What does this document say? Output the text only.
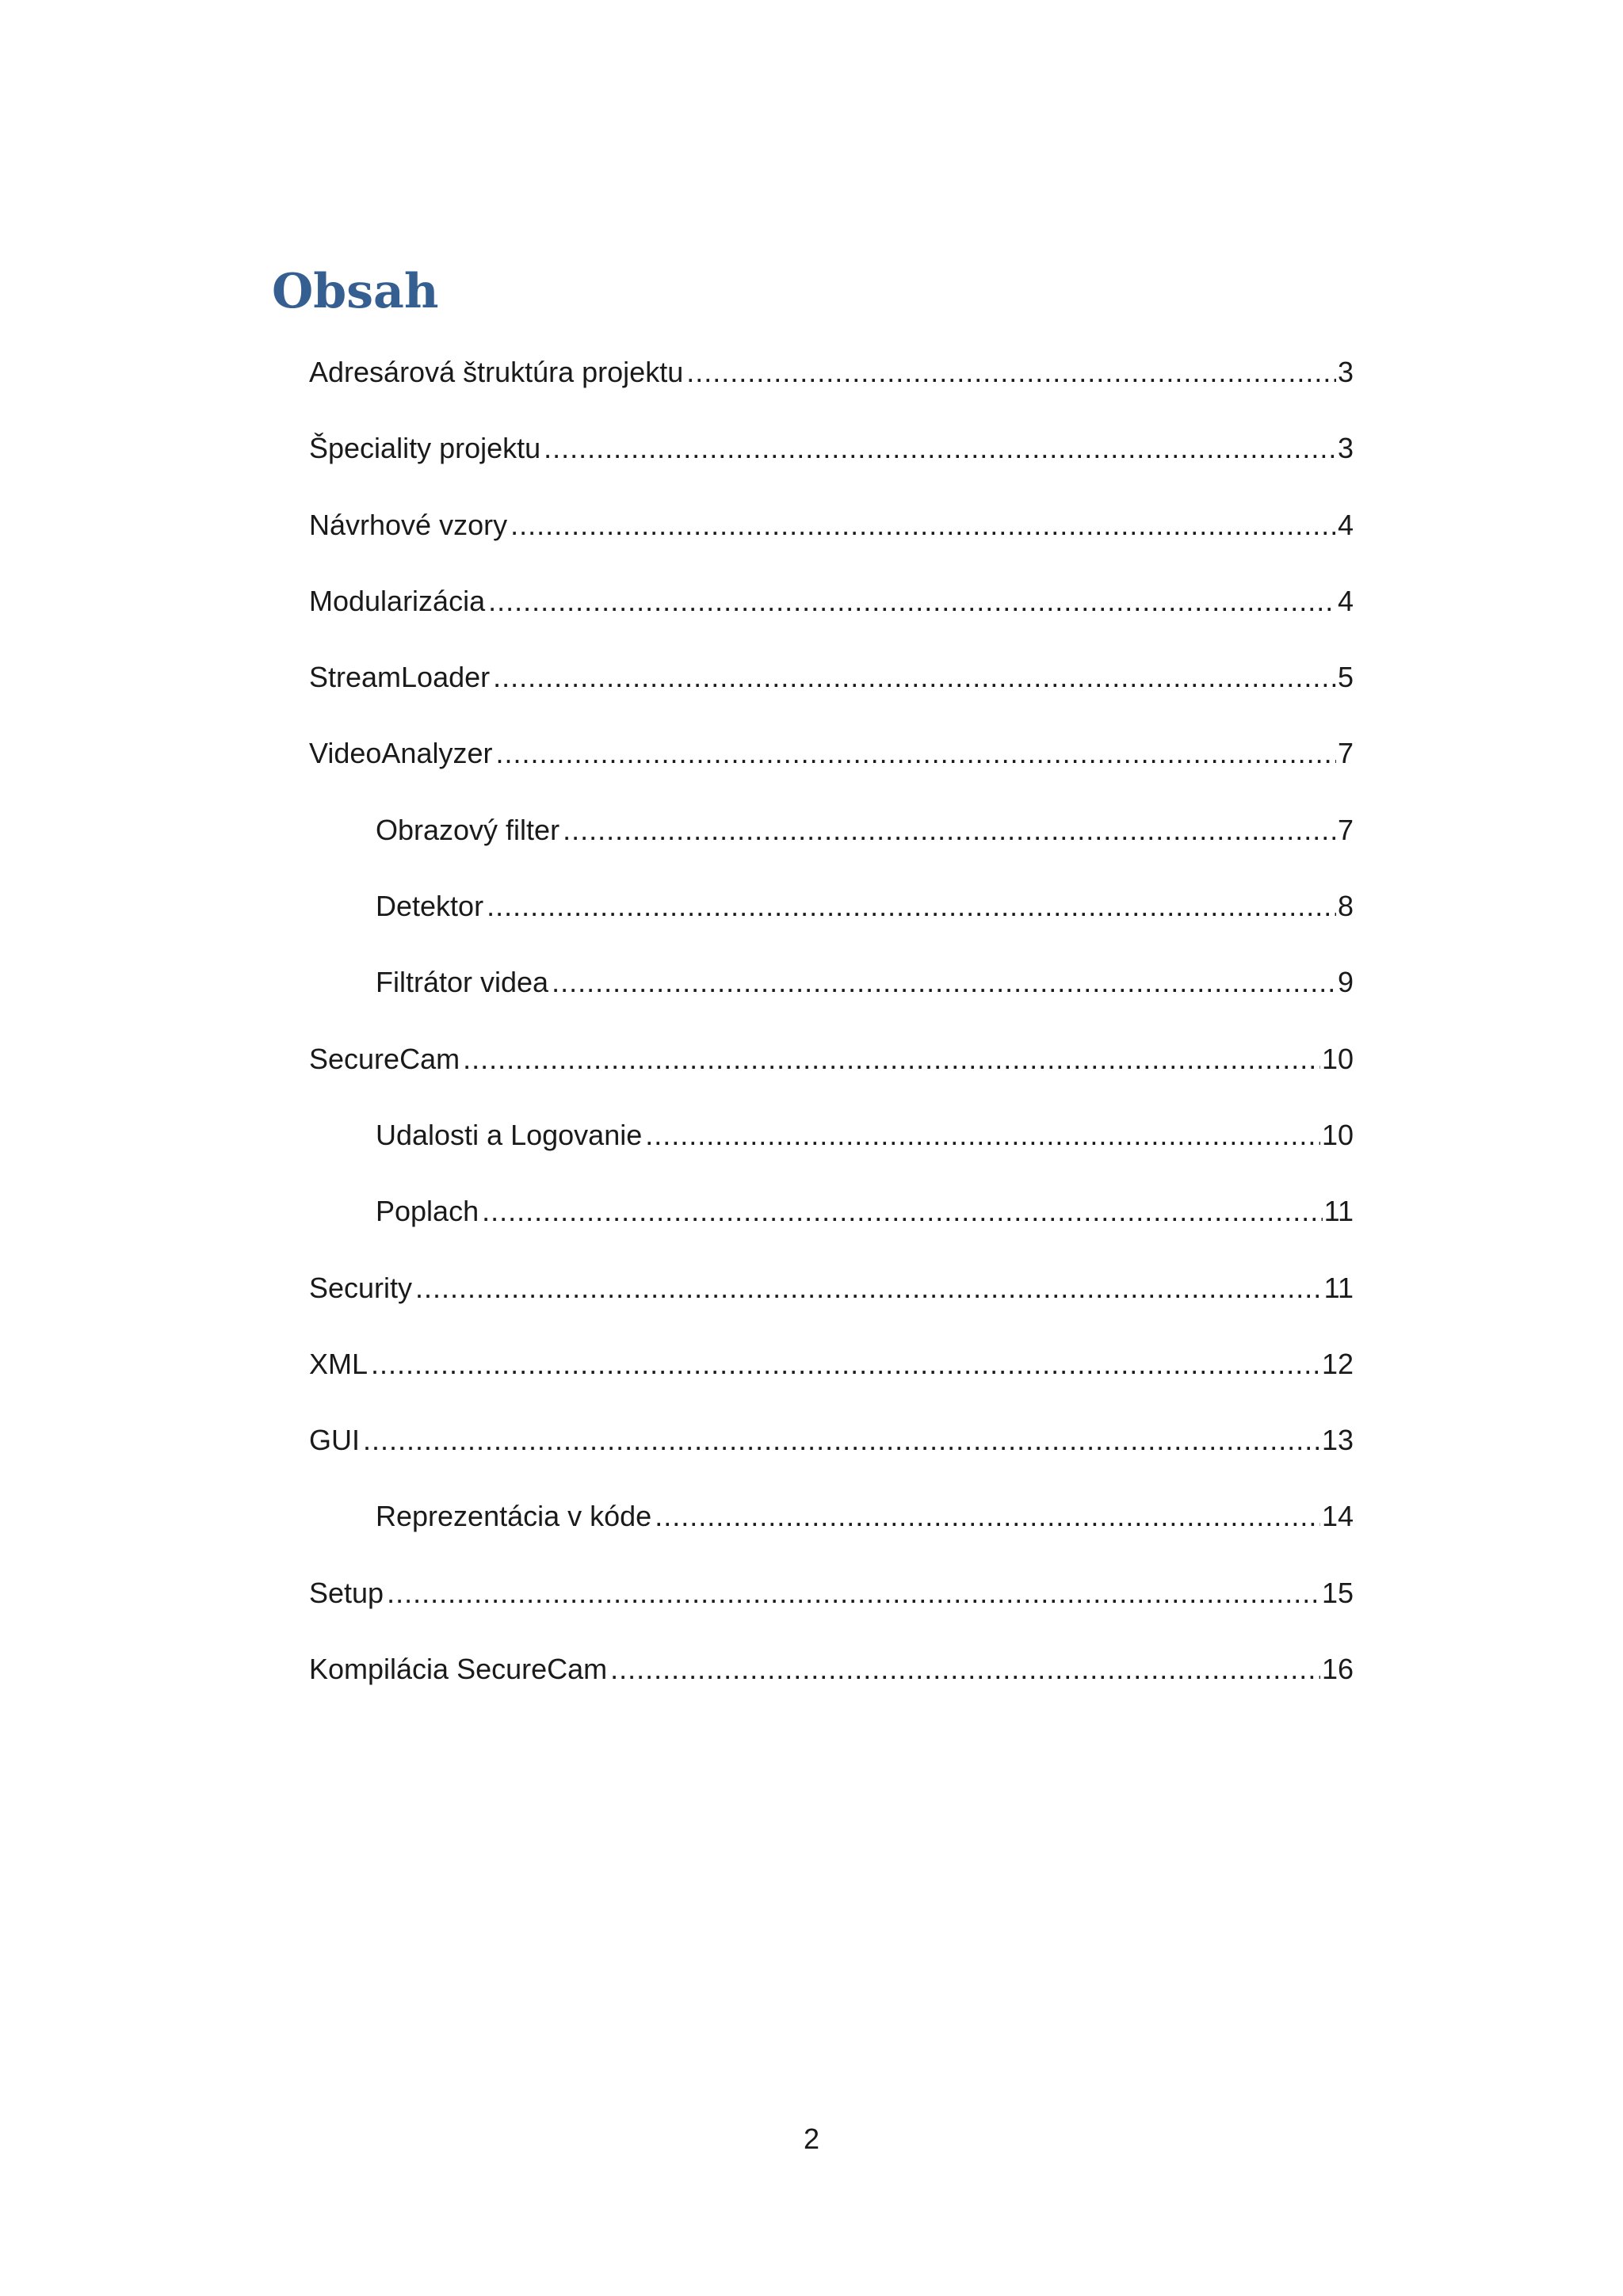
Obsah
Adresárová štruktúra projektu .....	3
Špeciality projektu .....	3
Návrhové vzory .....	4
Modularizácia .....	4
StreamLoader .....	5
VideoAnalyzer .....	7
Obrazový filter .....	7
Detektor .....	8
Filtrátor videa .....	9
SecureCam .....	10
Udalosti a Logovanie .....	10
Poplach .....	11
Security .....	11
XML .....	12
GUI .....	13
Reprezentácia v kóde .....	14
Setup .....	15
Kompilácia SecureCam .....	16
2
